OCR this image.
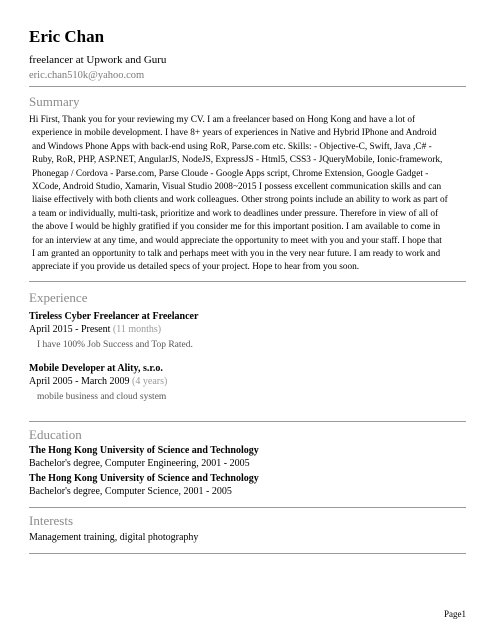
Eric Chan
freelancer at Upwork and Guru
eric.chan510k@yahoo.com
Summary
Hi First, Thank you for your reviewing my CV. I am a freelancer based on Hong Kong and have a lot of
experience in mobile development. I have 8+ years of experiences in Native and Hybrid IPhone and Android
and Windows Phone Apps with back-end using RoR, Parse.com etc. Skills: - Objective-C, Swift, Java ,C# -
Ruby, RoR, PHP, ASP.NET, AngularJS, NodeJS, ExpressJS - Html5, CSS3 - JQueryMobile, Ionic-framework,
Phonegap / Cordova - Parse.com, Parse Cloude - Google Apps script, Chrome Extension, Google Gadget -
XCode, Android Studio, Xamarin, Visual Studio 2008~2015 I possess excellent communication skills and can
liaise effectively with both clients and work colleagues. Other strong points include an ability to work as part of
a team or individually, multi-task, prioritize and work to deadlines under pressure. Therefore in view of all of
the above I would be highly gratified if you consider me for this important position. I am available to come in
for an interview at any time, and would appreciate the opportunity to meet with you and your staff. I hope that
I am granted an opportunity to talk and perhaps meet with you in the very near future. I am ready to work and
appreciate if you provide us detailed specs of your project. Hope to hear from you soon.
Experience
Tireless Cyber Freelancer at Freelancer
April 2015 - Present (11 months)
I have 100% Job Success and Top Rated.
Mobile Developer at Ality, s.r.o.
April 2005 - March 2009 (4 years)
mobile business and cloud system
Education
The Hong Kong University of Science and Technology
Bachelor's degree, Computer Engineering, 2001 - 2005
The Hong Kong University of Science and Technology
Bachelor's degree, Computer Science, 2001 - 2005
Interests
Management training, digital photography
Page1
